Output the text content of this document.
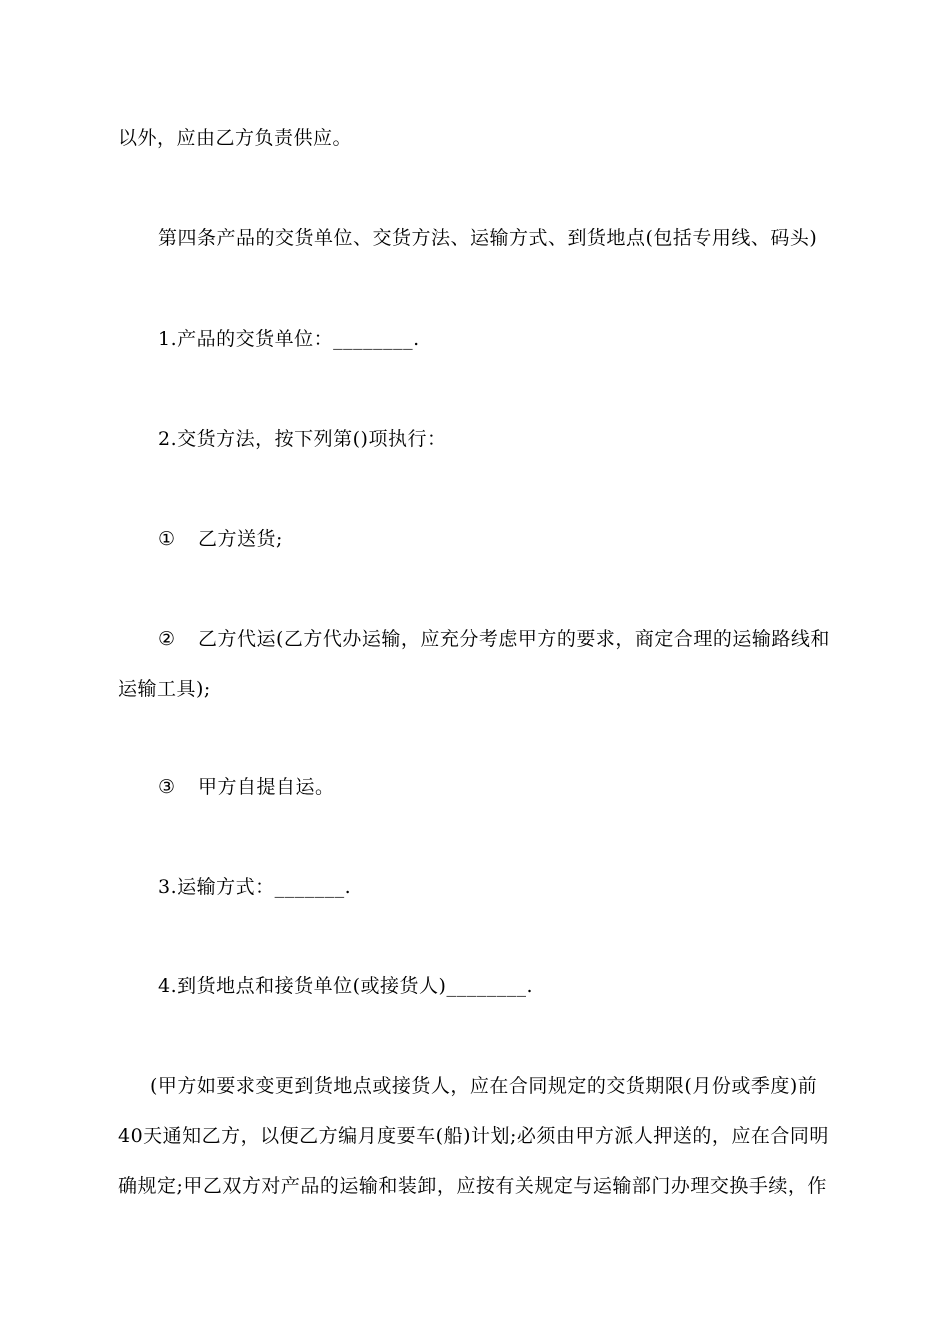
以外，应由乙方负责供应。
第四条产品的交货单位、交货方法、运输方式、到货地点(包括专用线、码头)
1.产品的交货单位：________.
2.交货方法，按下列第()项执行：
① 乙方送货;
② 乙方代运(乙方代办运输，应充分考虑甲方的要求，商定合理的运输路线和
运输工具);
③ 甲方自提自运。
3.运输方式：_______.
4.到货地点和接货单位(或接货人)________.
(甲方如要求变更到货地点或接货人，应在合同规定的交货期限(月份或季度)前
40天通知乙方，以便乙方编月度要车(船)计划;必须由甲方派人押送的，应在合同明
确规定;甲乙双方对产品的运输和装卸，应按有关规定与运输部门办理交换手续，作
